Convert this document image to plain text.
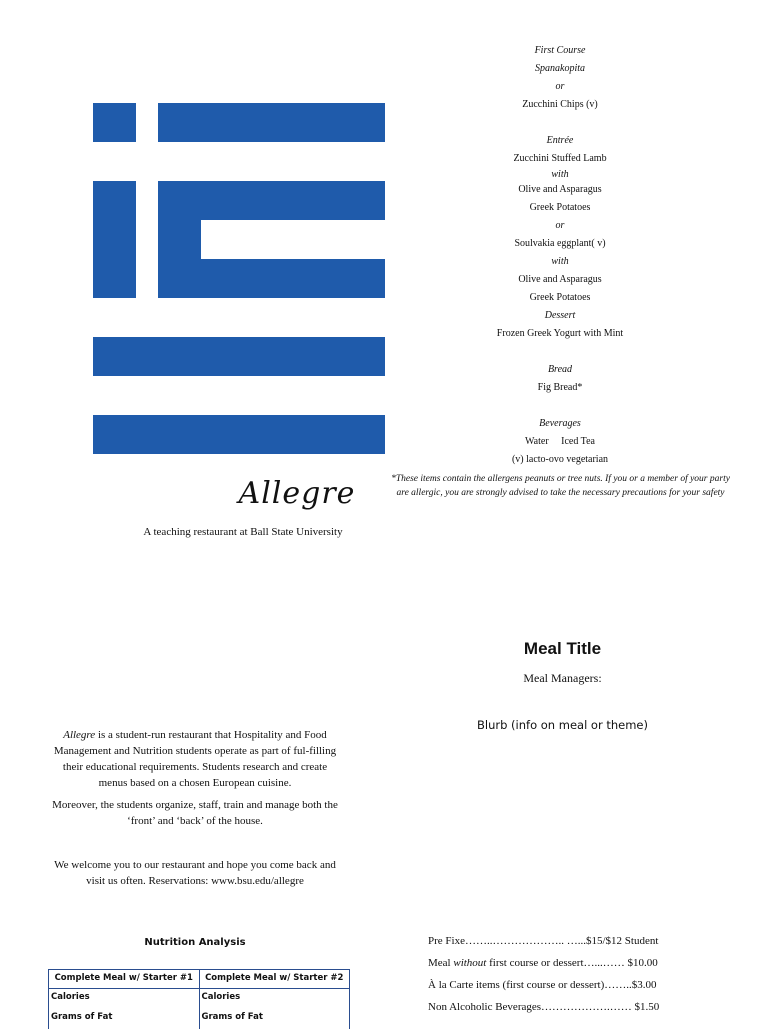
First Course
Spanakopita
or
Zucchini Chips (v)
Entrée
Zucchini Stuffed Lamb
with
Olive and Asparagus
Greek Potatoes
or
Soulvakia eggplant( v)
with
Olive and Asparagus
Greek Potatoes
Dessert
Frozen Greek Yogurt with Mint
Bread
Fig Bread*
Beverages
Water     Iced Tea
(v) lacto-ovo vegetarian
*These items contain the allergens peanuts or tree nuts. If you or a member of your party are allergic, you are strongly advised to take the necessary precautions for your safety
Allegre
A teaching restaurant at Ball State University
Meal Title
Meal Managers:
Blurb (info on meal or theme)

Allegre is a student-run restaurant that Hospitality and Food Management and Nutrition students operate as part of ful-filling their educational requirements. Students research and create menus based on a chosen European cuisine.

Moreover, the students organize, staff, train and manage both the ‘front’ and ‘back’ of the house.

We welcome you to our restaurant and hope you come back and visit us often. Reservations: www.bsu.edu/allegre
Pre Fixe……..……………….. …...$15/$12 Student
Meal without first course or dessert…...…… $10.00
À la Carte items (first course or dessert)……..$3.00
Non Alcoholic Beverages……………….…… $1.50
Nutrition Analysis
Complete Meal w/ Starter #1	Complete Meal w/ Starter #2
Calories	Calories
Grams of Fat	Grams of Fat
